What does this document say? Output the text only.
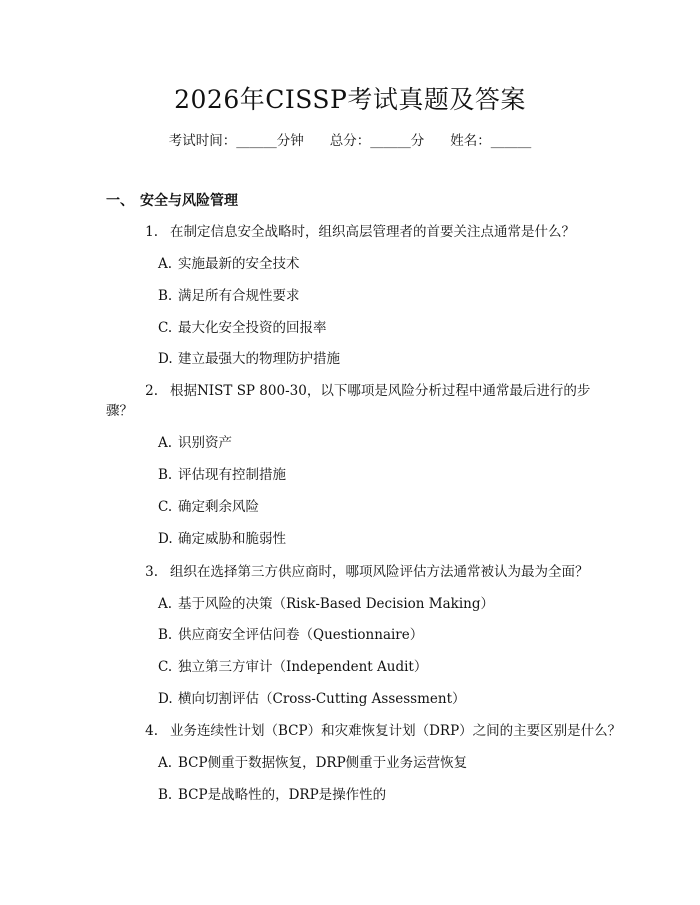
2026年CISSP考试真题及答案
考试时间：______分钟 总分：______分 姓名：______
一、 安全与风险管理
1. 在制定信息安全战略时，组织高层管理者的首要关注点通常是什么？
A. 实施最新的安全技术
B. 满足所有合规性要求
C. 最大化安全投资的回报率
D. 建立最强大的物理防护措施
2. 根据NIST SP 800-30，以下哪项是风险分析过程中通常最后进行的步
骤？
A. 识别资产
B. 评估现有控制措施
C. 确定剩余风险
D. 确定威胁和脆弱性
3. 组织在选择第三方供应商时，哪项风险评估方法通常被认为最为全面？
A. 基于风险的决策（Risk-Based Decision Making）
B. 供应商安全评估问卷（Questionnaire）
C. 独立第三方审计（Independent Audit）
D. 横向切割评估（Cross-Cutting Assessment）
4. 业务连续性计划（BCP）和灾难恢复计划（DRP）之间的主要区别是什么？
A. BCP侧重于数据恢复，DRP侧重于业务运营恢复
B. BCP是战略性的，DRP是操作性的
